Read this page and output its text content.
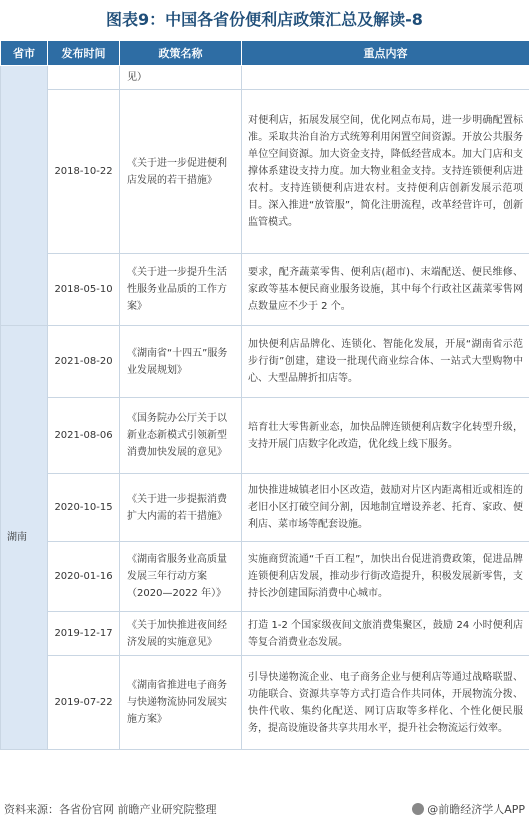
图表9：中国各省份便利店政策汇总及解读-8
省市	发布时间	政策名称	重点内容
		见）	
	2018-10-22	《关于进一步促进便利店发展的若干措施》	对便利店，拓展发展空间，优化网点布局，进一步明确配置标准。采取共治自治方式统筹利用闲置空间资源。开放公共服务单位空间资源。加大资金支持，降低经营成本。加大门店和支撑体系建设支持力度。加大物业租金支持。支持连锁便利店进农村。支持连锁便利店进农村。支持便利店创新发展示范项目。深入推进“放管服”，简化注册流程，改革经营许可，创新监管模式。
	2018-05-10	《关于进一步提升生活性服务业品质的工作方案》	要求，配齐蔬菜零售、便利店(超市)、末端配送、便民维修、家政等基本便民商业服务设施，其中每个行政社区蔬菜零售网点数量应不少于 2 个。
湖南	2021-08-20	《湖南省“十四五”服务业发展规划》	加快便利店品牌化、连锁化、智能化发展，开展“湖南省示范步行街”创建，建设一批现代商业综合体、一站式大型购物中心、大型品牌折扣店等。
	2021-08-06	《国务院办公厅关于以新业态新模式引领新型消费加快发展的意见》	培育壮大零售新业态，加快品牌连锁便利店数字化转型升级，支持开展门店数字化改造，优化线上线下服务。
	2020-10-15	《关于进一步提振消费扩大内需的若干措施》	加快推进城镇老旧小区改造，鼓励对片区内距离相近或相连的老旧小区打破空间分割，因地制宜增设养老、托育、家政、便利店、菜市场等配套设施。
	2020-01-16	《湖南省服务业高质量发展三年行动方案（2020—2022 年）》	实施商贸流通“千百工程”，加快出台促进消费政策，促进品牌连锁便利店发展，推动步行街改造提升，积极发展新零售，支持长沙创建国际消费中心城市。
	2019-12-17	《关于加快推进夜间经济发展的实施意见》	打造 1-2 个国家级夜间文旅消费集聚区，鼓励 24 小时便利店等复合消费业态发展。
	2019-07-22	《湖南省推进电子商务与快递物流协同发展实施方案》	引导快递物流企业、电子商务企业与便利店等通过战略联盟、功能联合、资源共享等方式打造合作共同体，开展物流分拨、快件代收、集约化配送、网订店取等多样化、个性化便民服务，提高设施设备共享共用水平，提升社会物流运行效率。
资料来源：各省份官网 前瞻产业研究院整理	@前瞻经济学人APP
